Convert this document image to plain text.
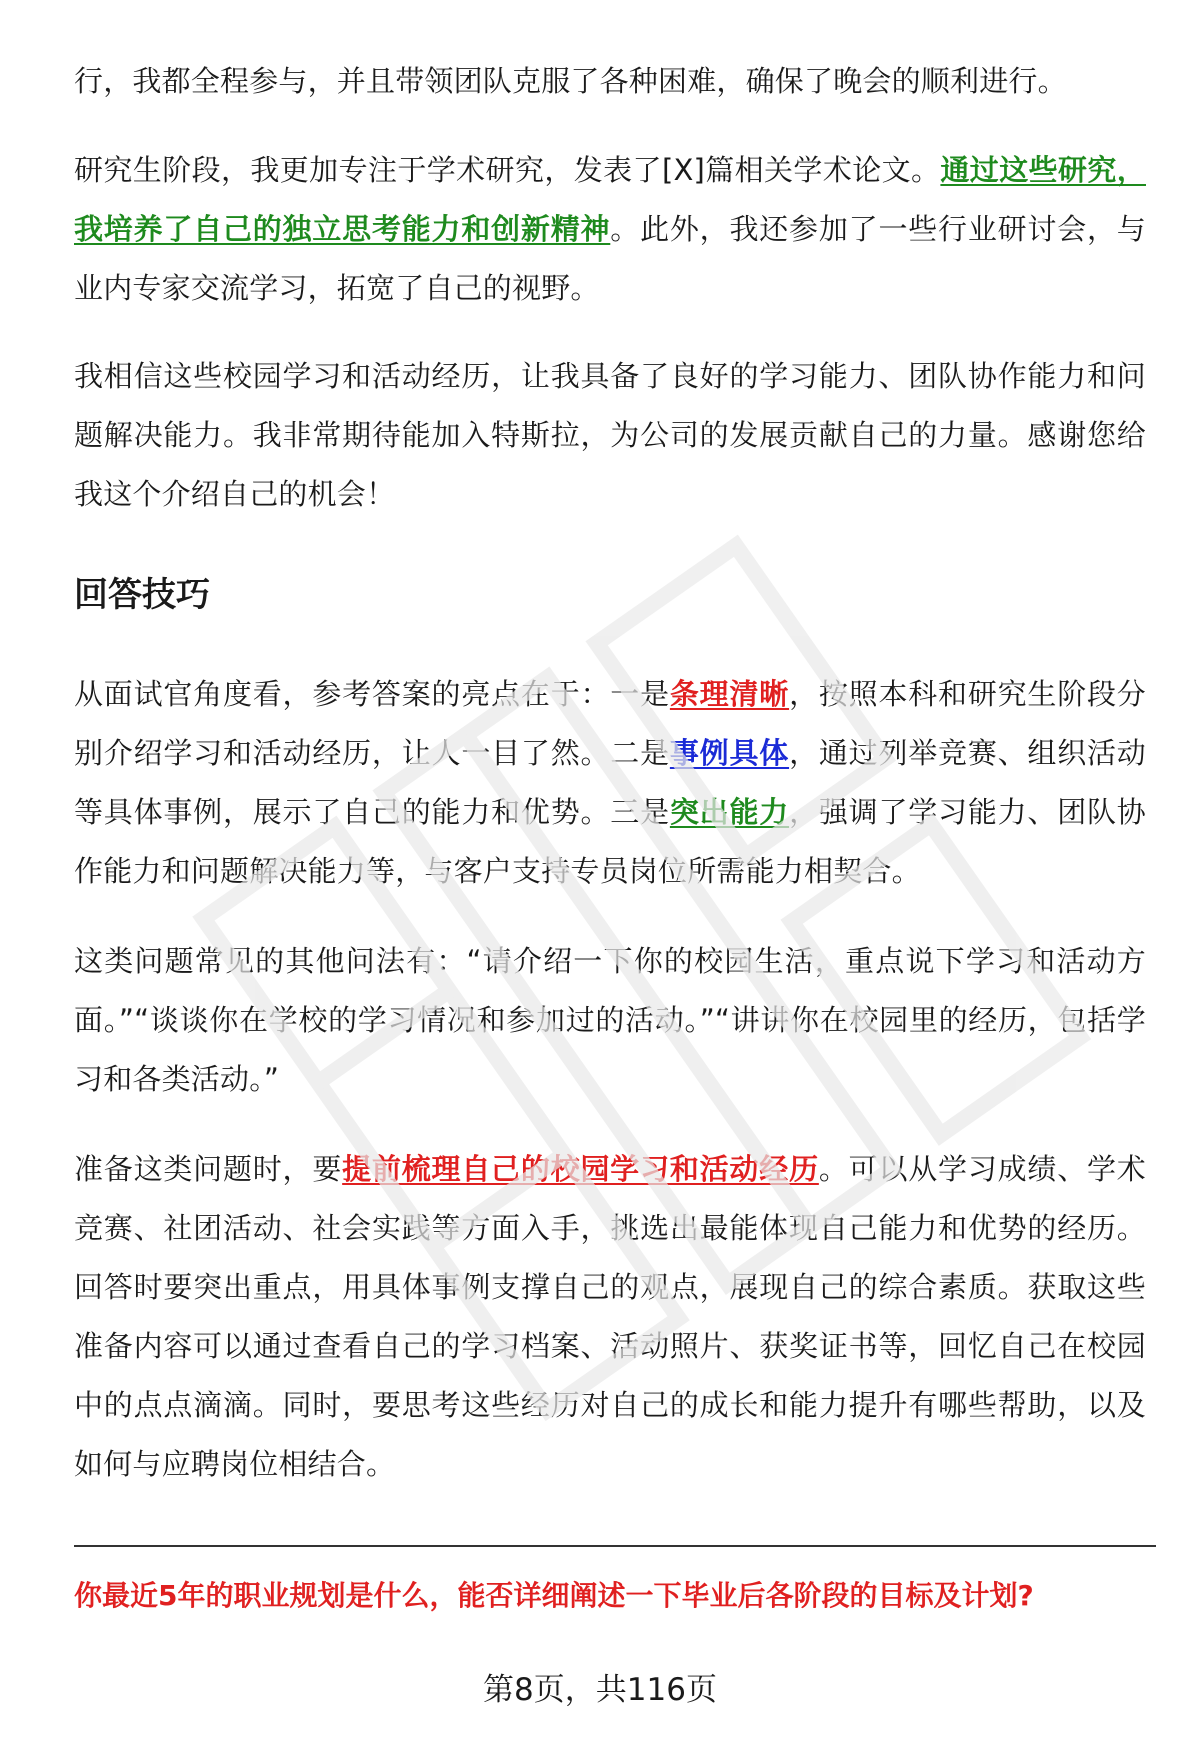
行，我都全程参与，并且带领团队克服了各种困难，确保了晚会的顺利进行。

研究生阶段，我更加专注于学术研究，发表了[X]篇相关学术论文。通过这些研究，我培养了自己的独立思考能力和创新精神。此外，我还参加了一些行业研讨会，与业内专家交流学习，拓宽了自己的视野。

我相信这些校园学习和活动经历，让我具备了良好的学习能力、团队协作能力和问题解决能力。我非常期待能加入特斯拉，为公司的发展贡献自己的力量。感谢您给我这个介绍自己的机会！

回答技巧

从面试官角度看，参考答案的亮点在于：一是条理清晰，按照本科和研究生阶段分别介绍学习和活动经历，让人一目了然。二是事例具体，通过列举竞赛、组织活动等具体事例，展示了自己的能力和优势。三是突出能力，强调了学习能力、团队协作能力和问题解决能力等，与客户支持专员岗位所需能力相契合。

这类问题常见的其他问法有：“请介绍一下你的校园生活，重点说下学习和活动方面。”“谈谈你在学校的学习情况和参加过的活动。”“讲讲你在校园里的经历，包括学习和各类活动。”

准备这类问题时，要提前梳理自己的校园学习和活动经历。可以从学习成绩、学术竞赛、社团活动、社会实践等方面入手，挑选出最能体现自己能力和优势的经历。回答时要突出重点，用具体事例支撑自己的观点，展现自己的综合素质。获取这些准备内容可以通过查看自己的学习档案、活动照片、获奖证书等，回忆自己在校园中的点点滴滴。同时，要思考这些经历对自己的成长和能力提升有哪些帮助，以及如何与应聘岗位相结合。

你最近5年的职业规划是什么，能否详细阐述一下毕业后各阶段的目标及计划?

第8页，共116页
